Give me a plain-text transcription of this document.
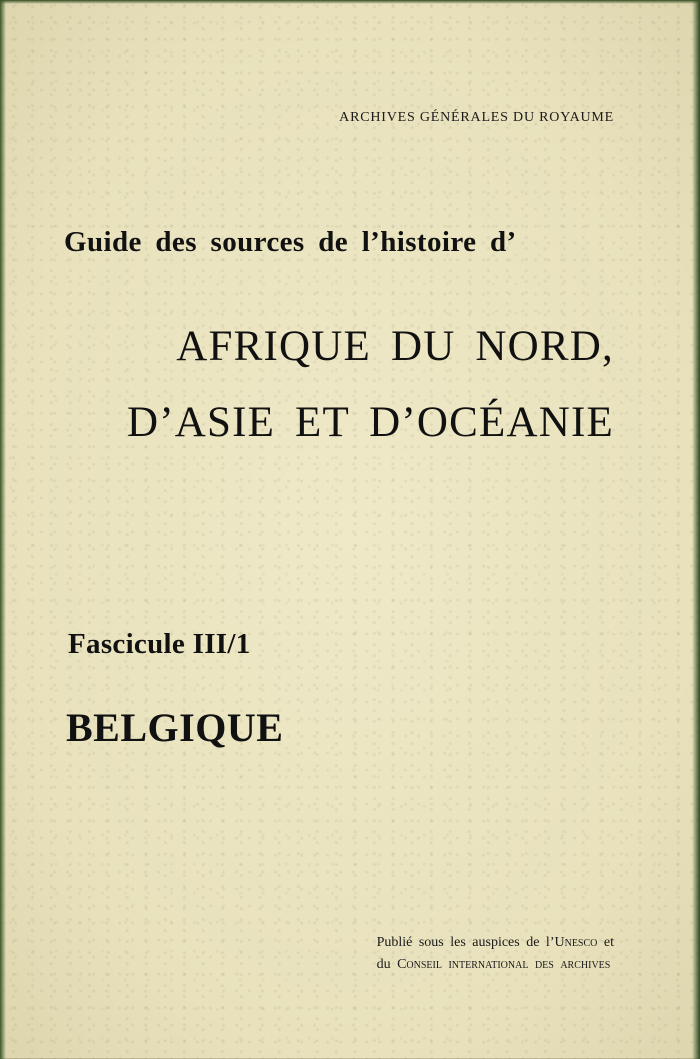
ARCHIVES GÉNÉRALES DU ROYAUME
Guide des sources de l’histoire d’
AFRIQUE DU NORD,
D’ASIE ET D’OCÉANIE
Fascicule III/1
BELGIQUE
Publié sous les auspices de l’Unesco et
du Conseil international des archives
